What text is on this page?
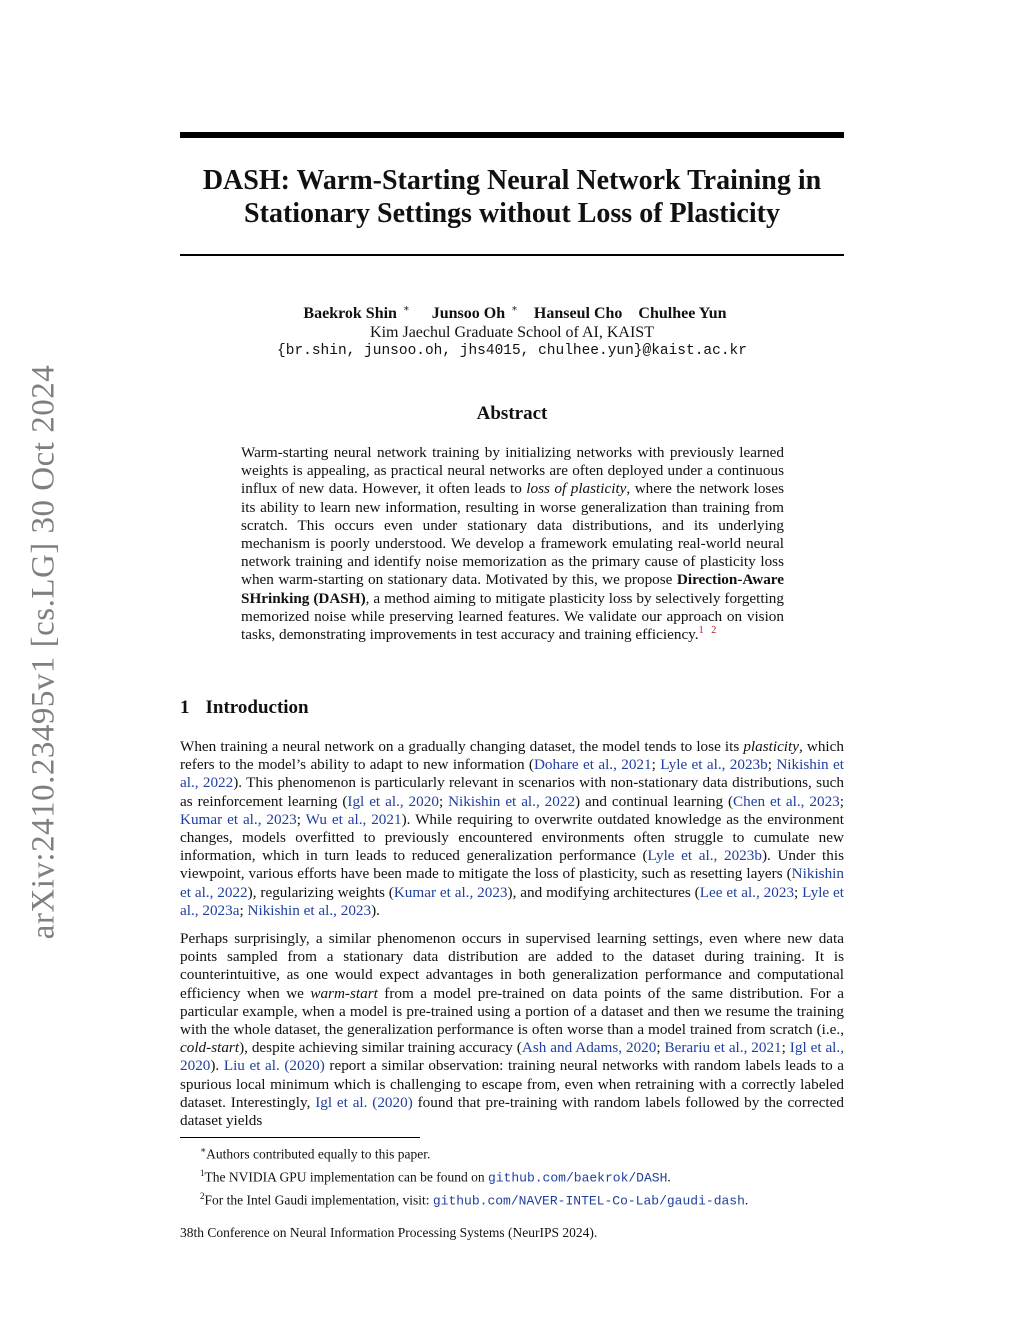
arXiv:2410.23495v1 [cs.LG] 30 Oct 2024
DASH: Warm-Starting Neural Network Training in
Stationary Settings without Loss of Plasticity
Baekrok Shin ∗ Junsoo Oh ∗ Hanseul Cho Chulhee Yun
Kim Jaechul Graduate School of AI, KAIST
{br.shin, junsoo.oh, jhs4015, chulhee.yun}@kaist.ac.kr
Abstract

Warm-starting neural network training by initializing networks with previously learned weights is appealing, as practical neural networks are often deployed under a continuous influx of new data. However, it often leads to loss of plasticity, where the network loses its ability to learn new information, resulting in worse generalization than training from scratch. This occurs even under stationary data distributions, and its underlying mechanism is poorly understood. We develop a framework emulating real-world neural network training and identify noise memorization as the primary cause of plasticity loss when warm-starting on stationary data. Motivated by this, we propose Direction-Aware SHrinking (DASH), a method aiming to mitigate plasticity loss by selectively forgetting memorized noise while preserving learned features. We validate our approach on vision tasks, demonstrating improvements in test accuracy and training efficiency.$^1$ $^2$

1 Introduction

When training a neural network on a gradually changing dataset, the model tends to lose its plasticity, which refers to the model’s ability to adapt to new information (Dohare et al., 2021; Lyle et al., 2023b; Nikishin et al., 2022). This phenomenon is particularly relevant in scenarios with non-stationary data distributions, such as reinforcement learning (Igl et al., 2020; Nikishin et al., 2022) and continual learning (Chen et al., 2023; Kumar et al., 2023; Wu et al., 2021). While requiring to overwrite outdated knowledge as the environment changes, models overfitted to previously encountered environments often struggle to cumulate new information, which in turn leads to reduced generalization performance (Lyle et al., 2023b). Under this viewpoint, various efforts have been made to mitigate the loss of plasticity, such as resetting layers (Nikishin et al., 2022), regularizing weights (Kumar et al., 2023), and modifying architectures (Lee et al., 2023; Lyle et al., 2023a; Nikishin et al., 2023).

Perhaps surprisingly, a similar phenomenon occurs in supervised learning settings, even where new data points sampled from a stationary data distribution are added to the dataset during training. It is counterintuitive, as one would expect advantages in both generalization performance and computational efficiency when we warm-start from a model pre-trained on data points of the same distribution. For a particular example, when a model is pre-trained using a portion of a dataset and then we resume the training with the whole dataset, the generalization performance is often worse than a model trained from scratch (i.e., cold-start), despite achieving similar training accuracy (Ash and Adams, 2020; Berariu et al., 2021; Igl et al., 2020). Liu et al. (2020) report a similar observation: training neural networks with random labels leads to a spurious local minimum which is challenging to escape from, even when retraining with a correctly labeled dataset. Interestingly, Igl et al. (2020) found that pre-training with random labels followed by the corrected dataset yields

∗Authors contributed equally to this paper.
$^1$The NVIDIA GPU implementation can be found on github.com/baekrok/DASH.
$^2$For the Intel Gaudi implementation, visit: github.com/NAVER-INTEL-Co-Lab/gaudi-dash.
38th Conference on Neural Information Processing Systems (NeurIPS 2024).
